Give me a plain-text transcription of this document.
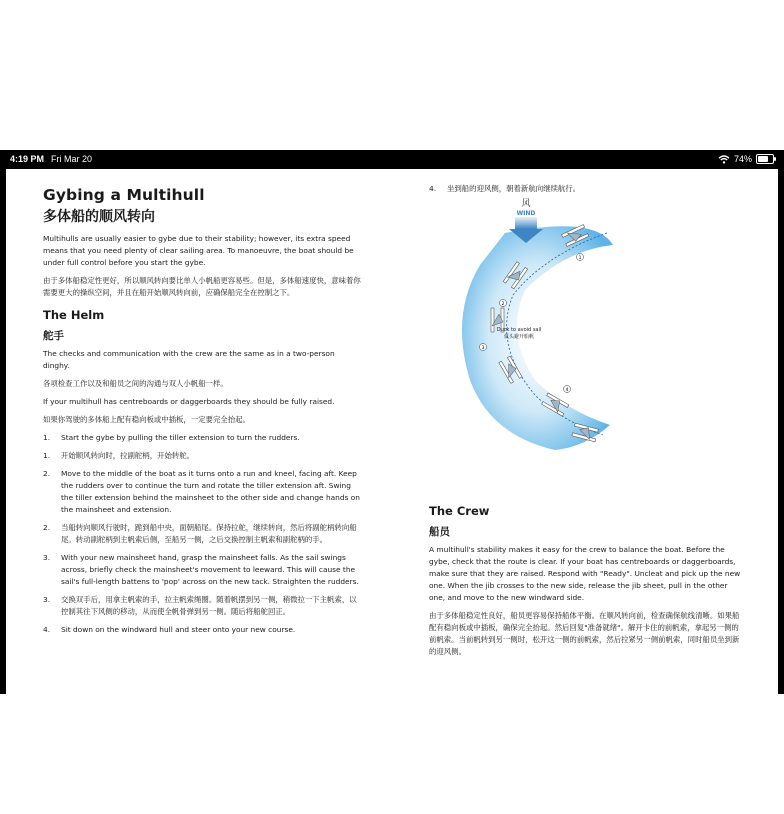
4:19 PM Fri Mar 20	74%
Gybing a Multihull
多体船的顺风转向

Multihulls are usually easier to gybe due to their stability; however, its extra speed means that you need plenty of clear sailing area. To manoeuvre, the boat should be under full control before you start the gybe.

由于多体船稳定性更好，所以顺风转向要比单人小帆船更容易些。但是，多体船速度快，意味着你需要更大的操纵空间，并且在船开始顺风转向前，应确保船完全在控制之下。

The Helm
舵手

The checks and communication with the crew are the same as in a two-person dinghy.

各项检查工作以及和船员之间的沟通与双人小帆船一样。

If your multihull has centreboards or daggerboards they should be fully raised.

如果你驾驶的多体船上配有稳向板或中插板，一定要完全抬起。

1.	Start the gybe by pulling the tiller extension to turn the rudders.
1.	开始顺风转向时，拉副舵柄，开始转舵。
2.	Move to the middle of the boat as it turns onto a run and kneel, facing aft. Keep the rudders over to continue the turn and rotate the tiller extension aft. Swing the tiller extension behind the mainsheet to the other side and change hands on the mainsheet and extension.
2.	当船转向顺风行驶时，跪到船中央，面朝船尾。保持拉舵，继续转向，然后将副舵柄转向船尾。转动副舵柄到主帆索后侧，至船另一侧，之后交换控制主帆索和副舵柄的手。
3.	With your new mainsheet hand, grasp the mainsheet falls. As the sail swings across, briefly check the mainsheet's movement to leeward. This will cause the sail's full-length battens to 'pop' across on the new tack. Straighten the rudders.
3.	交换双手后，用拿主帆索的手，拉主帆索绳圈。随着帆摆到另一侧，稍微拉一下主帆索，以控制其往下风侧的移动，从而使全帆骨弹到另一侧。随后将船舵回正。
4.	Sit down on the windward hull and steer onto your new course.
4.	坐到船的迎风侧，朝着新航向继续航行。
风
WIND
1
2
3
4
Duck to avoid sail
低头避开船帆
The Crew
船员

A multihull's stability makes it easy for the crew to balance the boat. Before the gybe, check that the route is clear. If your boat has centreboards or daggerboards, make sure that they are raised. Respond with "Ready". Uncleat and pick up the new one. When the jib crosses to the new side, release the jib sheet, pull in the other one, and move to the new windward side.

由于多体船稳定性良好，船员更容易保持船体平衡。在顺风转向前，检查确保航线清晰。如果船配有稳向板或中插板，确保完全抬起。然后回复"准备就绪"。解开卡住的前帆索，拿起另一侧的前帆索。当前帆转到另一侧时，松开这一侧的前帆索，然后拉紧另一侧前帆索，同时船员坐到新的迎风侧。
